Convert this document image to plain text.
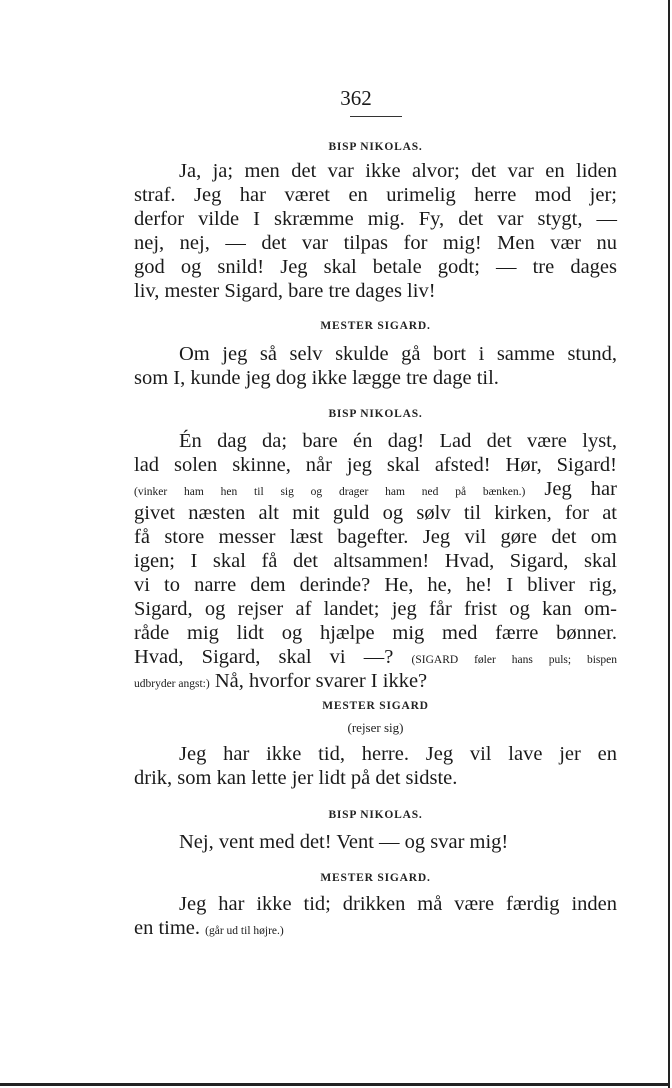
362
BISP NIKOLAS.
Ja, ja; men det var ikke alvor; det var en liden
straf. Jeg har været en urimelig herre mod jer;
derfor vilde I skræmme mig. Fy, det var stygt, —
nej, nej, — det var tilpas for mig! Men vær nu
god og snild! Jeg skal betale godt; — tre dages
liv, mester Sigard, bare tre dages liv!
MESTER SIGARD.
Om jeg så selv skulde gå bort i samme stund,
som I, kunde jeg dog ikke lægge tre dage til.
BISP NIKOLAS.
Én dag da; bare én dag! Lad det være lyst,
lad solen skinne, når jeg skal afsted! Hør, Sigard!
(vinker ham hen til sig og drager ham ned på bænken.) Jeg har
givet næsten alt mit guld og sølv til kirken, for at
få store messer læst bagefter. Jeg vil gøre det om
igen; I skal få det altsammen! Hvad, Sigard, skal
vi to narre dem derinde? He, he, he! I bliver rig,
Sigard, og rejser af landet; jeg får frist og kan om-
råde mig lidt og hjælpe mig med færre bønner.
Hvad, Sigard, skal vi —? (SIGARD føler hans puls; bispen
udbryder angst:) Nå, hvorfor svarer I ikke?
MESTER SIGARD
(rejser sig)
Jeg har ikke tid, herre. Jeg vil lave jer en
drik, som kan lette jer lidt på det sidste.
BISP NIKOLAS.
Nej, vent med det! Vent — og svar mig!
MESTER SIGARD.
Jeg har ikke tid; drikken må være færdig inden
en time. (går ud til højre.)
